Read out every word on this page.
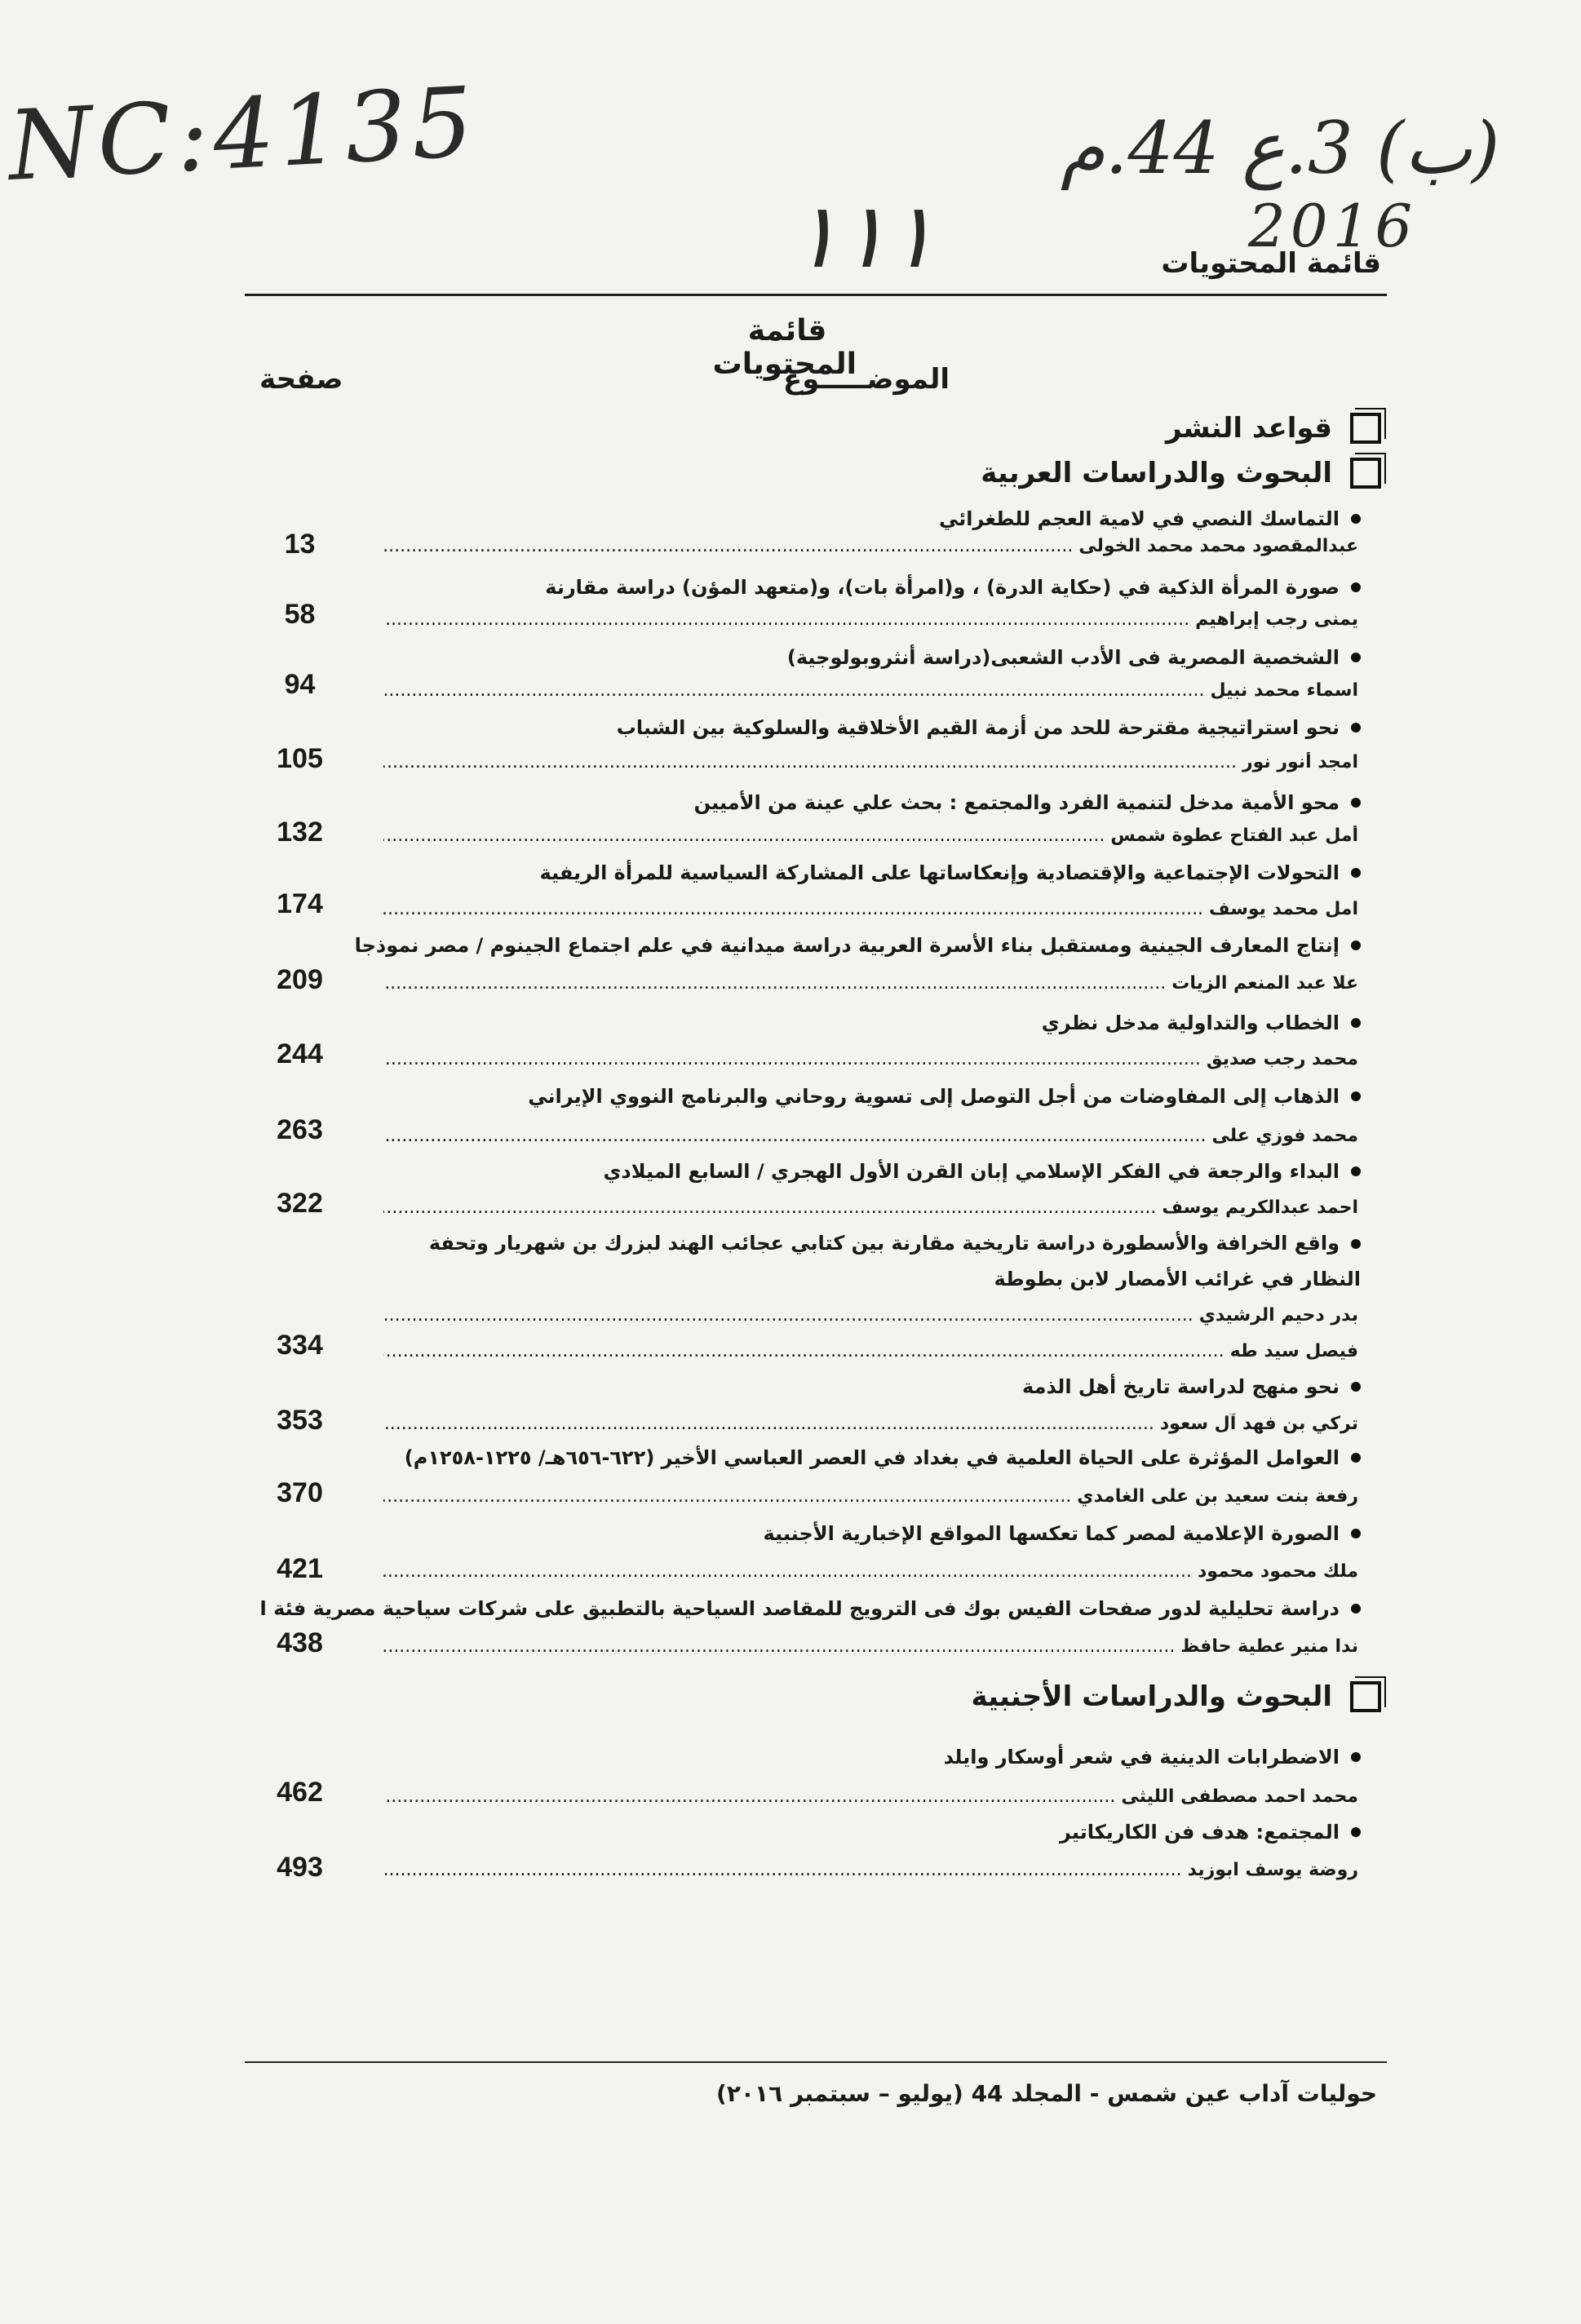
NC:4135	(ب) 3.ع 44.م
2016
١١١	قائمة المحتويات
قائمة المحتويات
الموضـــــوع
صفحة
قواعد النشر
البحوث والدراسات العربية
التماسك النصي في لامية العجم للطغرائي
عبدالمقصود محمد محمد الخولى .....
13
صورة المرأة الذكية في (حكاية الدرة) ، و(امرأة بات)، و(متعهد المؤن) دراسة مقارنة
يمنى رجب إبراهيم .....
58
الشخصية المصرية فى الأدب الشعبى(دراسة أنثروبولوجية)
اسماء محمد نبيل .....
94
نحو استراتيجية مقترحة للحد من أزمة القيم الأخلاقية والسلوكية بين الشباب
امجد أنور نور .....
105
محو الأمية مدخل لتنمية الفرد والمجتمع : بحث علي عينة من الأميين
أمل عبد الفتاح عطوة شمس .....
132
التحولات الإجتماعية والإقتصادية وإنعكاساتها على المشاركة السياسية للمرأة الريفية
امل محمد يوسف .....
174
إنتاج المعارف الجينية ومستقبل بناء الأسرة العربية دراسة ميدانية في علم اجتماع الجينوم / مصر نموذجا
علا عبد المنعم الزيات .....
209
الخطاب والتداولية مدخل نظري
محمد رجب صديق .....
244
الذهاب إلى المفاوضات من أجل التوصل إلى تسوية روحاني والبرنامج النووي الإيراني
محمد فوزي على .....
263
البداء والرجعة في الفكر الإسلامي إبان القرن الأول الهجري / السابع الميلادي
احمد عبدالكريم يوسف .....
322
واقع الخرافة والأسطورة دراسة تاريخية مقارنة بين كتابي عجائب الهند لبزرك بن شهريار وتحفة النظار في غرائب الأمصار لابن بطوطة
بدر دحيم الرشيدي .....
فيصل سيد طه .....
334
نحو منهج لدراسة تاريخ أهل الذمة
تركي بن فهد آل سعود .....
353
العوامل المؤثرة على الحياة العلمية في بغداد في العصر العباسي الأخير (٦٢٢-٦٥٦هـ/ ١٢٢٥-١٢٥٨م)
رفعة بنت سعيد بن على الغامدي .....
370
الصورة الإعلامية لمصر كما تعكسها المواقع الإخبارية الأجنبية
ملك محمود محمود .....
421
دراسة تحليلية لدور صفحات الفيس بوك فى الترويج للمقاصد السياحية بالتطبيق على شركات سياحية مصرية فئة ا
ندا منير عطية حافظ .....
438
البحوث والدراسات الأجنبية
الاضطرابات الدينية في شعر أوسكار وايلد
محمد احمد مصطفى الليثى .....
462
المجتمع: هدف فن الكاريكاتير
روضة يوسف ابوزيد .....
493
حوليات آداب عين شمس - المجلد 44 (يوليو – سبتمبر ٢٠١٦)
